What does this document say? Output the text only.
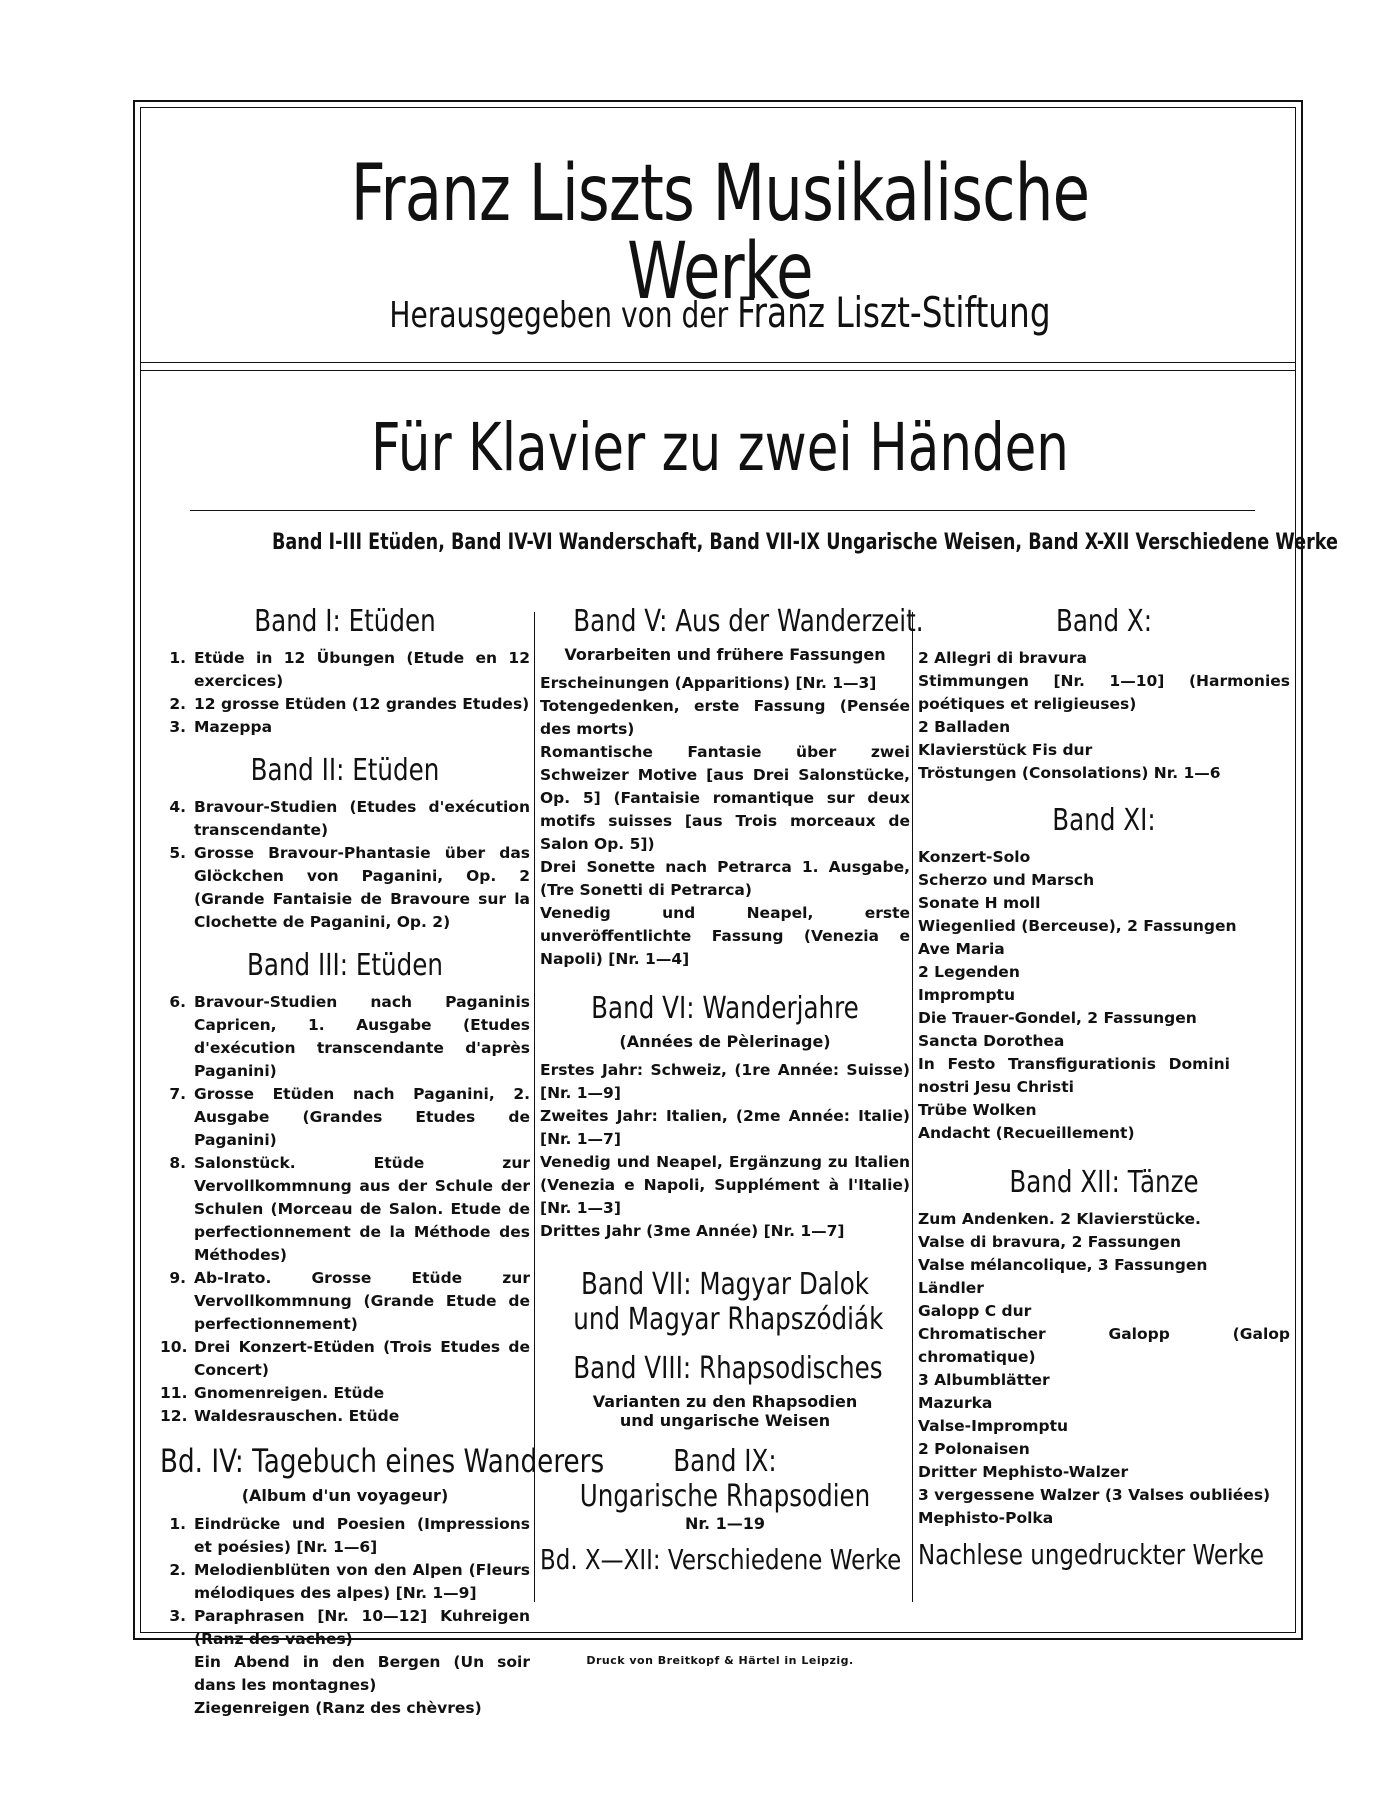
Franz Liszts Musikalische Werke
Herausgegeben von der Franz Liszt-Stiftung
Für Klavier zu zwei Händen
Band I-III Etüden, Band IV-VI Wanderschaft, Band VII-IX Ungarische Weisen, Band X-XII Verschiedene Werke
Band I: Etüden
1. Etüde in 12 Übungen (Etude en 12 exercices)
2. 12 grosse Etüden (12 grandes Etudes)
3. Mazeppa
Band II: Etüden
4. Bravour-Studien (Etudes d'exécution transcendante)
5. Grosse Bravour-Phantasie über das Glöckchen von Paganini, Op. 2 (Grande Fantaisie de Bravoure sur la Clochette de Paganini, Op. 2)
Band III: Etüden
6. Bravour-Studien nach Paganinis Capricen, 1. Ausgabe (Etudes d'exécution transcendante d'après Paganini)
7. Grosse Etüden nach Paganini, 2. Ausgabe (Grandes Etudes de Paganini)
8. Salonstück. Etüde zur Vervollkommnung aus der Schule der Schulen (Morceau de Salon. Etude de perfectionnement de la Méthode des Méthodes)
9. Ab-Irato. Grosse Etüde zur Vervollkommnung (Grande Etude de perfectionnement)
10. Drei Konzert-Etüden (Trois Etudes de Concert)
11. Gnomenreigen. Etüde
12. Waldesrauschen. Etüde
Bd. IV: Tagebuch eines Wanderers
(Album d'un voyageur)
1. Eindrücke und Poesien (Impressions et poésies) [Nr. 1—6]
2. Melodienblüten von den Alpen (Fleurs mélodiques des alpes) [Nr. 1—9]
3. Paraphrasen [Nr. 10—12] Kuhreigen (Ranz des vaches)
Ein Abend in den Bergen (Un soir dans les montagnes)
Ziegenreigen (Ranz des chèvres)
Band V: Aus der Wanderzeit.
Vorarbeiten und frühere Fassungen
Erscheinungen (Apparitions) [Nr. 1—3]
Totengedenken, erste Fassung (Pensée des morts)
Romantische Fantasie über zwei Schweizer Motive [aus Drei Salonstücke, Op. 5] (Fantaisie romantique sur deux motifs suisses [aus Trois morceaux de Salon Op. 5])
Drei Sonette nach Petrarca 1. Ausgabe, (Tre Sonetti di Petrarca)
Venedig und Neapel, erste unveröffentlichte Fassung (Venezia e Napoli) [Nr. 1—4]
Band VI: Wanderjahre
(Années de Pèlerinage)
Erstes Jahr: Schweiz, (1re Année: Suisse) [Nr. 1—9]
Zweites Jahr: Italien, (2me Année: Italie) [Nr. 1—7]
Venedig und Neapel, Ergänzung zu Italien (Venezia e Napoli, Supplément à l'Italie) [Nr. 1—3]
Drittes Jahr (3me Année) [Nr. 1—7]
Band VII: Magyar Dalok
und Magyar Rhapszódiák
Band VIII: Rhapsodisches
Varianten zu den Rhapsodien
und ungarische Weisen
Band IX:
Ungarische Rhapsodien
Nr. 1—19
Bd. X—XII: Verschiedene Werke
Band X:
2 Allegri di bravura
Stimmungen [Nr. 1—10] (Harmonies poétiques et religieuses)
2 Balladen
Klavierstück Fis dur
Tröstungen (Consolations) Nr. 1—6
Band XI:
Konzert-Solo
Scherzo und Marsch
Sonate H moll
Wiegenlied (Berceuse), 2 Fassungen
Ave Maria
2 Legenden
Impromptu
Die Trauer-Gondel, 2 Fassungen
Sancta Dorothea
In Festo Transfigurationis Domini nostri Jesu Christi
Trübe Wolken
Andacht (Recueillement)
Band XII: Tänze
Zum Andenken. 2 Klavierstücke.
Valse di bravura, 2 Fassungen
Valse mélancolique, 3 Fassungen
Ländler
Galopp C dur
Chromatischer Galopp (Galop chromatique)
3 Albumblätter
Mazurka
Valse-Impromptu
2 Polonaisen
Dritter Mephisto-Walzer
3 vergessene Walzer (3 Valses oubliées)
Mephisto-Polka
Nachlese ungedruckter Werke
Druck von Breitkopf & Härtel in Leipzig.
